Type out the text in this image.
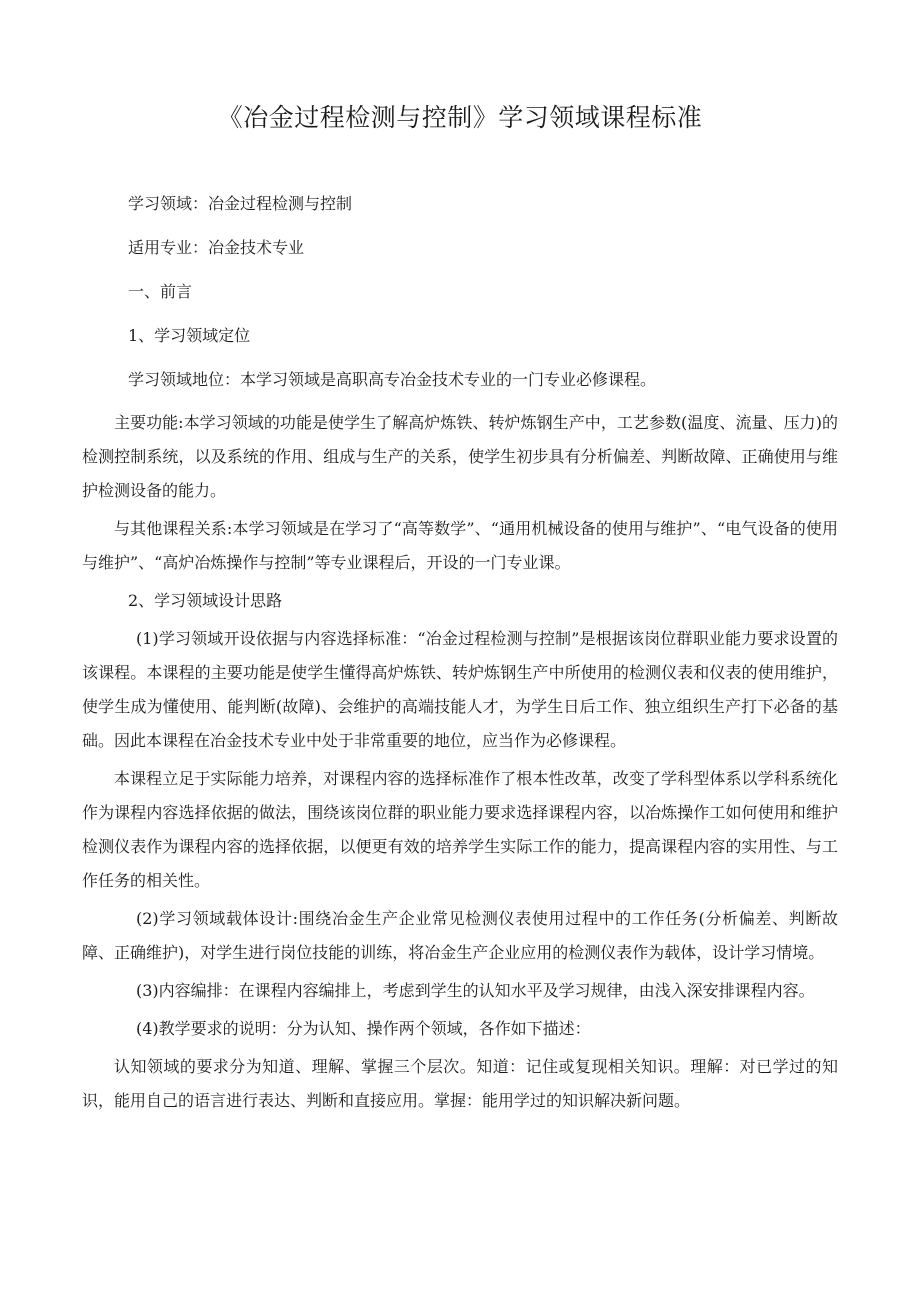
《冶金过程检测与控制》学习领域课程标准

学习领域：冶金过程检测与控制

适用专业：冶金技术专业

一、前言

1、学习领域定位

学习领域地位：本学习领域是高职高专冶金技术专业的一门专业必修课程。

主要功能:本学习领域的功能是使学生了解高炉炼铁、转炉炼钢生产中，工艺参数(温度、流量、压力)的检测控制系统，以及系统的作用、组成与生产的关系，使学生初步具有分析偏差、判断故障、正确使用与维护检测设备的能力。

与其他课程关系:本学习领域是在学习了“高等数学”、“通用机械设备的使用与维护”、“电气设备的使用与维护”、“高炉冶炼操作与控制”等专业课程后，开设的一门专业课。

2、学习领域设计思路

(1)学习领域开设依据与内容选择标准：“冶金过程检测与控制”是根据该岗位群职业能力要求设置的该课程。本课程的主要功能是使学生懂得高炉炼铁、转炉炼钢生产中所使用的检测仪表和仪表的使用维护，使学生成为懂使用、能判断(故障)、会维护的高端技能人才，为学生日后工作、独立组织生产打下必备的基础。因此本课程在冶金技术专业中处于非常重要的地位，应当作为必修课程。

本课程立足于实际能力培养，对课程内容的选择标准作了根本性改革，改变了学科型体系以学科系统化作为课程内容选择依据的做法，围绕该岗位群的职业能力要求选择课程内容，以冶炼操作工如何使用和维护检测仪表作为课程内容的选择依据，以便更有效的培养学生实际工作的能力，提高课程内容的实用性、与工作任务的相关性。

(2)学习领域载体设计:围绕冶金生产企业常见检测仪表使用过程中的工作任务(分析偏差、判断故障、正确维护)，对学生进行岗位技能的训练，将冶金生产企业应用的检测仪表作为载体，设计学习情境。

(3)内容编排：在课程内容编排上，考虑到学生的认知水平及学习规律，由浅入深安排课程内容。

(4)教学要求的说明：分为认知、操作两个领域，各作如下描述：

认知领域的要求分为知道、理解、掌握三个层次。知道：记住或复现相关知识。理解：对已学过的知识，能用自己的语言进行表达、判断和直接应用。掌握：能用学过的知识解决新问题。
